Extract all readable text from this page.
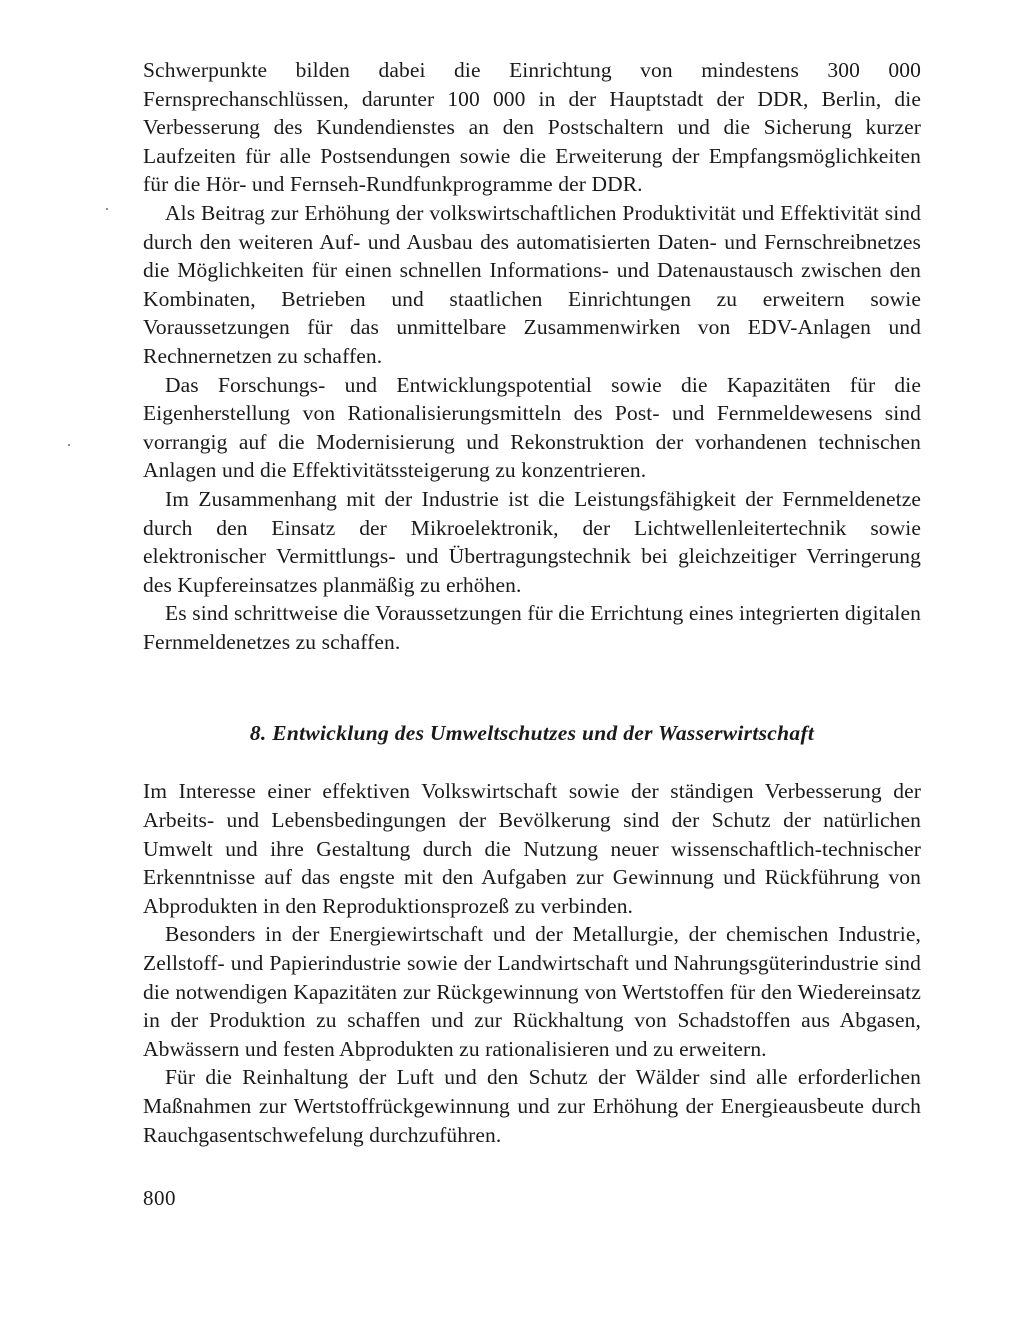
Schwerpunkte bilden dabei die Einrichtung von mindestens 300 000 Fernsprechanschlüssen, darunter 100 000 in der Hauptstadt der DDR, Berlin, die Verbesserung des Kundendienstes an den Postschaltern und die Sicherung kurzer Laufzeiten für alle Postsendungen sowie die Erweiterung der Empfangsmöglichkeiten für die Hör- und Fernseh-Rundfunkprogramme der DDR.

Als Beitrag zur Erhöhung der volkswirtschaftlichen Produktivität und Effektivität sind durch den weiteren Auf- und Ausbau des automatisierten Daten- und Fernschreibnetzes die Möglichkeiten für einen schnellen Informations- und Datenaustausch zwischen den Kombinaten, Betrieben und staatlichen Einrichtungen zu erweitern sowie Voraussetzungen für das unmittelbare Zusammenwirken von EDV-Anlagen und Rechnernetzen zu schaffen.

Das Forschungs- und Entwicklungspotential sowie die Kapazitäten für die Eigenherstellung von Rationalisierungsmitteln des Post- und Fernmeldewesens sind vorrangig auf die Modernisierung und Rekonstruktion der vorhandenen technischen Anlagen und die Effektivitätssteigerung zu konzentrieren.

Im Zusammenhang mit der Industrie ist die Leistungsfähigkeit der Fernmeldenetze durch den Einsatz der Mikroelektronik, der Lichtwellenleitertechnik sowie elektronischer Vermittlungs- und Übertragungstechnik bei gleichzeitiger Verringerung des Kupfereinsatzes planmäßig zu erhöhen.

Es sind schrittweise die Voraussetzungen für die Errichtung eines integrierten digitalen Fernmeldenetzes zu schaffen.

8. Entwicklung des Umweltschutzes und der Wasserwirtschaft

Im Interesse einer effektiven Volkswirtschaft sowie der ständigen Verbesserung der Arbeits- und Lebensbedingungen der Bevölkerung sind der Schutz der natürlichen Umwelt und ihre Gestaltung durch die Nutzung neuer wissenschaftlich-technischer Erkenntnisse auf das engste mit den Aufgaben zur Gewinnung und Rückführung von Abprodukten in den Reproduktionsprozeß zu verbinden.

Besonders in der Energiewirtschaft und der Metallurgie, der chemischen Industrie, Zellstoff- und Papierindustrie sowie der Landwirtschaft und Nahrungsgüterindustrie sind die notwendigen Kapazitäten zur Rückgewinnung von Wertstoffen für den Wiedereinsatz in der Produktion zu schaffen und zur Rückhaltung von Schadstoffen aus Abgasen, Abwässern und festen Abprodukten zu rationalisieren und zu erweitern.

Für die Reinhaltung der Luft und den Schutz der Wälder sind alle erforderlichen Maßnahmen zur Wertstoffrückgewinnung und zur Erhöhung der Energieausbeute durch Rauchgasentschwefelung durchzuführen.

800
